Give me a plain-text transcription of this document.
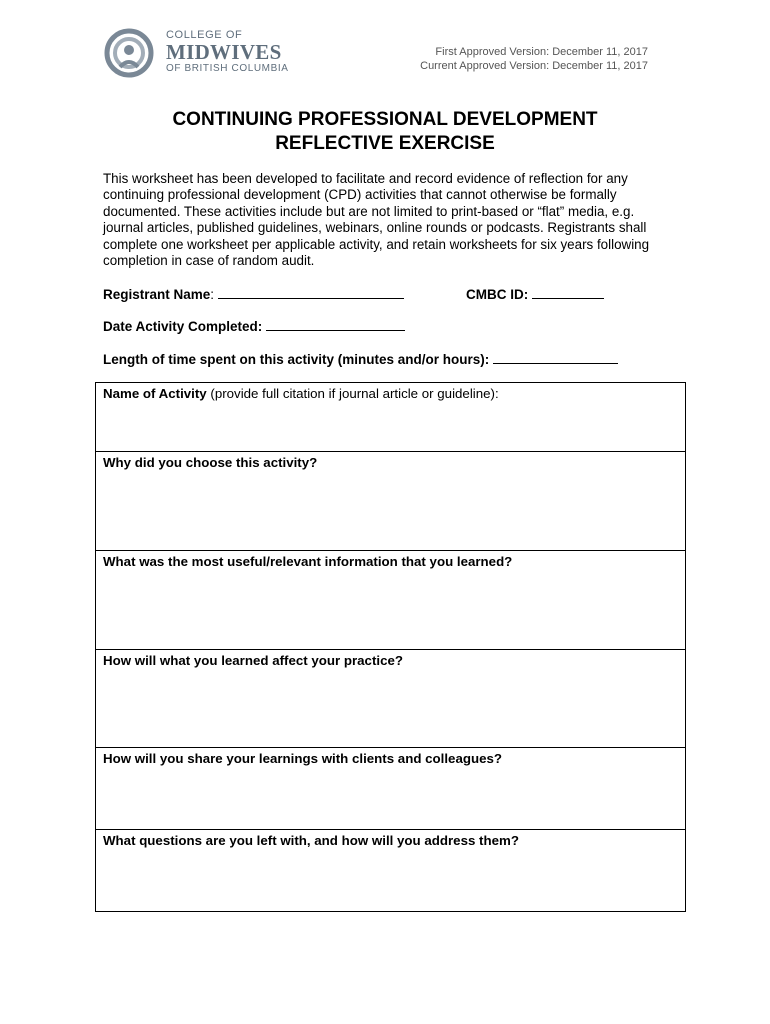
COLLEGE OF
MIDWIVES
OF BRITISH COLUMBIA
First Approved Version: December 11, 2017
Current Approved Version: December 11, 2017
CONTINUING PROFESSIONAL DEVELOPMENT
REFLECTIVE EXERCISE
This worksheet has been developed to facilitate and record evidence of reflection for any continuing professional development (CPD) activities that cannot otherwise be formally documented. These activities include but are not limited to print-based or “flat” media, e.g. journal articles, published guidelines, webinars, online rounds or podcasts. Registrants shall complete one worksheet per applicable activity, and retain worksheets for six years following completion in case of random audit.
Registrant Name:	CMBC ID:
Date Activity Completed:
Length of time spent on this activity (minutes and/or hours):
Name of Activity (provide full citation if journal article or guideline):
Why did you choose this activity?
What was the most useful/relevant information that you learned?
How will what you learned affect your practice?
How will you share your learnings with clients and colleagues?
What questions are you left with, and how will you address them?
